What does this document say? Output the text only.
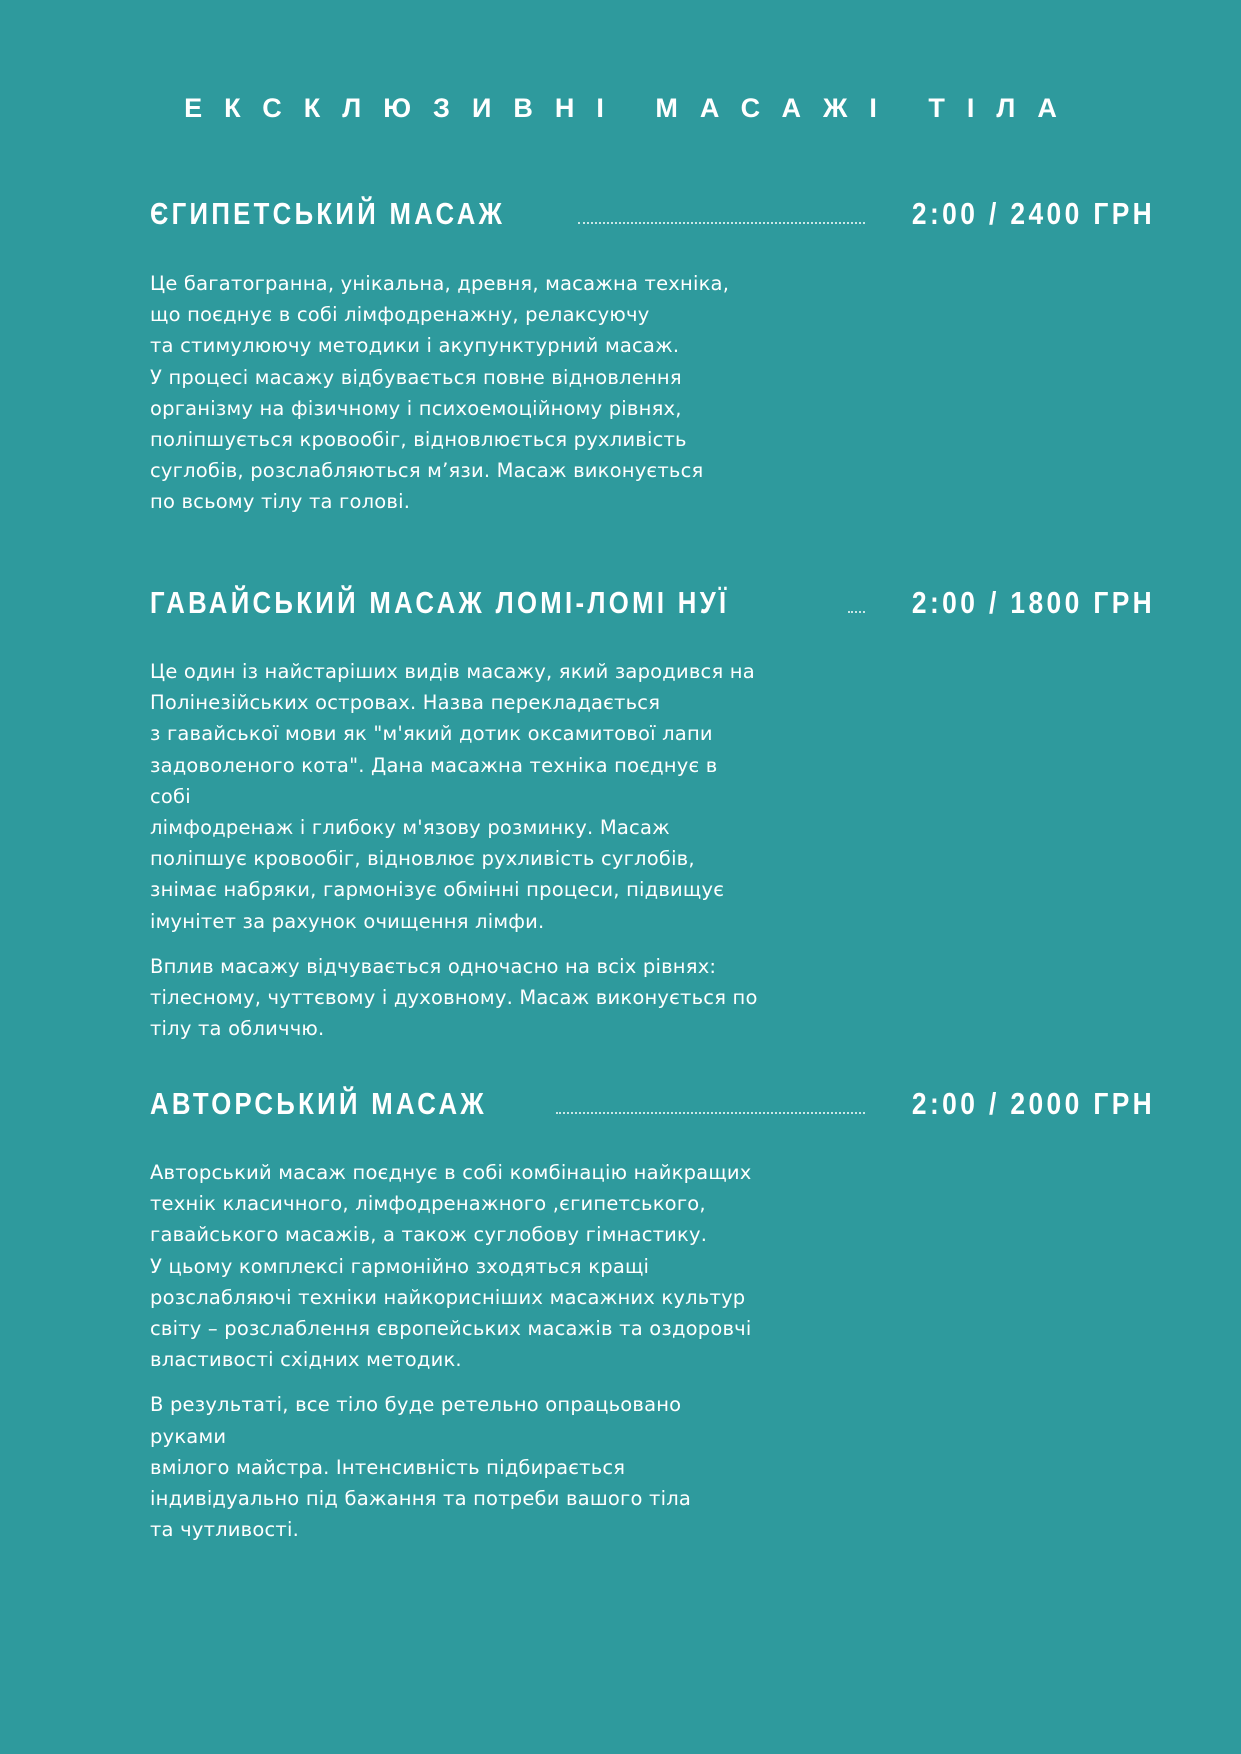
ЕКСКЛЮЗИВНІ МАСАЖІ ТІЛА
ЄГИПЕТСЬКИЙ МАСАЖ	2:00 / 2400 ГРН

Це багатогранна, унікальна, древня, масажна техніка,
що поєднує в собі лімфодренажну, релаксуючу
та стимулюючу методики і акупунктурний масаж.
У процесі масажу відбувається повне відновлення
організму на фізичному і психоемоційному рівнях,
поліпшується кровообіг, відновлюється рухливість
суглобів, розслабляються м’язи. Масаж виконується
по всьому тілу та голові.

ГАВАЙСЬКИЙ МАСАЖ ЛОМІ-ЛОМІ НУЇ	2:00 / 1800 ГРН

Це один із найстаріших видів масажу, який зародився на
Полінезійських островах. Назва перекладається
з гавайської мови як "м'який дотик оксамитової лапи
задоволеного кота". Дана масажна техніка поєднує в собі
лімфодренаж і глибоку м'язову розминку. Масаж
поліпшує кровообіг, відновлює рухливість суглобів,
знімає набряки, гармонізує обмінні процеси, підвищує
імунітет за рахунок очищення лімфи.

Вплив масажу відчувається одночасно на всіх рівнях:
тілесному, чуттєвому і духовному. Масаж виконується по
тілу та обличчю.

АВТОРСЬКИЙ МАСАЖ	2:00 / 2000 ГРН

Авторський масаж поєднує в собі комбінацію найкращих
технік класичного, лімфодренажного ,єгипетського,
гавайського масажів, а також суглобову гімнастику.
У цьому комплексі гармонійно зходяться кращі
розслабляючі техніки найкорисніших масажних культур
світу – розслаблення європейських масажів та оздоровчі
властивості східних методик.

В результаті, все тіло буде ретельно опрацьовано руками
вмілого майстра. Інтенсивність підбирається
індивідуально під бажання та потреби вашого тіла
та чутливості.
